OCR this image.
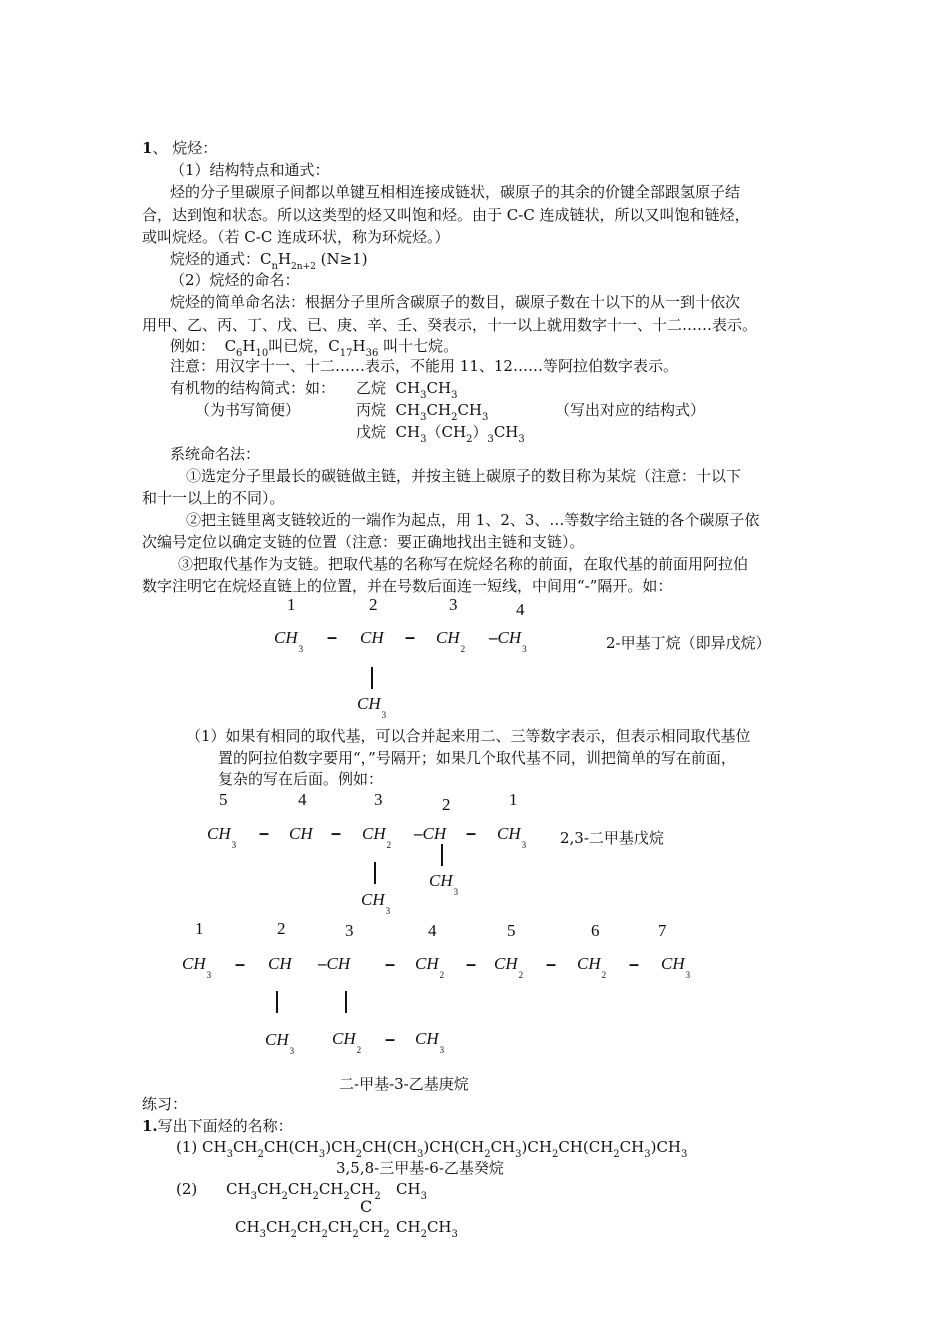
1、 烷烃：
（1）结构特点和通式：
烃的分子里碳原子间都以单键互相相连接成链状，碳原子的其余的价键全部跟氢原子结
合，达到饱和状态。所以这类型的烃又叫饱和烃。由于 C-C 连成链状，所以又叫饱和链烃，
或叫烷烃。（若 C-C 连成环状，称为环烷烃。）
烷烃的通式：$C_nH_{2n+2}$ (N≥1)
（2）烷烃的命名：
烷烃的简单命名法：根据分子里所含碳原子的数目，碳原子数在十以下的从一到十依次
用甲、乙、丙、丁、戊、已、庚、辛、壬、癸表示，十一以上就用数字十一、十二……表示。
例如： $C_6H_{10}$叫已烷，$C_{17}H_{36}$ 叫十七烷。
注意：用汉字十一、十二……表示，不能用 11、12……等阿拉伯数字表示。
有机物的结构简式：如：
（为书写简便）	（写出对应的结构式）
乙烷  $CH_3CH_3$
丙烷  $CH_3CH_2CH_3$
戊烷  $CH_3(CH_2)_3CH_3$
系统命名法：
①选定分子里最长的碳链做主链，并按主链上碳原子的数目称为某烷（注意：十以下
和十一以上的不同）。
②把主链里离支链较近的一端作为起点，用 1、2、3、…等数字给主链的各个碳原子依
次编号定位以确定支链的位置（注意：要正确地找出主链和支链）。
③把取代基作为支链。把取代基的名称写在烷烃名称的前面，在取代基的前面用阿拉伯
数字注明它在烷烃直链上的位置，并在号数后面连一短线，中间用“-”隔开。如：
1	2	3	4
$CH_3$
– CH – $CH_2$
$-CH_3$
$CH_3$
2-甲基丁烷（即异戊烷）
（1）如果有相同的取代基，可以合并起来用二、三等数字表示，但表示相同取代基位
置的阿拉伯数字要用“，”号隔开；如果几个取代基不同，训把简单的写在前面，
复杂的写在后面。例如：
5	4	3	2	1
$CH_3$
– CH – $CH_2$
$-CH - CH_3$
$CH_3$
$CH_3$
2,3-二甲基戊烷
1	2	3	4	5	6	7
$CH_3$
– CH $-CH - CH_2$
– $CH_2$
– $CH_2$
– $CH_3$
$CH_3$
$CH_2$
– $CH_3$
二-甲基-3-乙基庚烷
练习：
1.写出下面烃的名称：
(1) $CH_3CH_2CH(CH_3)CH_2CH(CH_3)CH(CH_2CH_3)CH_2CH(CH_2CH_3)CH_3$
3,5,8-三甲基-6-乙基癸烷
(2) $CH_3CH_2CH_2CH_2CH_2$ $CH_3$
C
$CH_3CH_2CH_2CH_2CH_2$ $CH_2CH_3$
